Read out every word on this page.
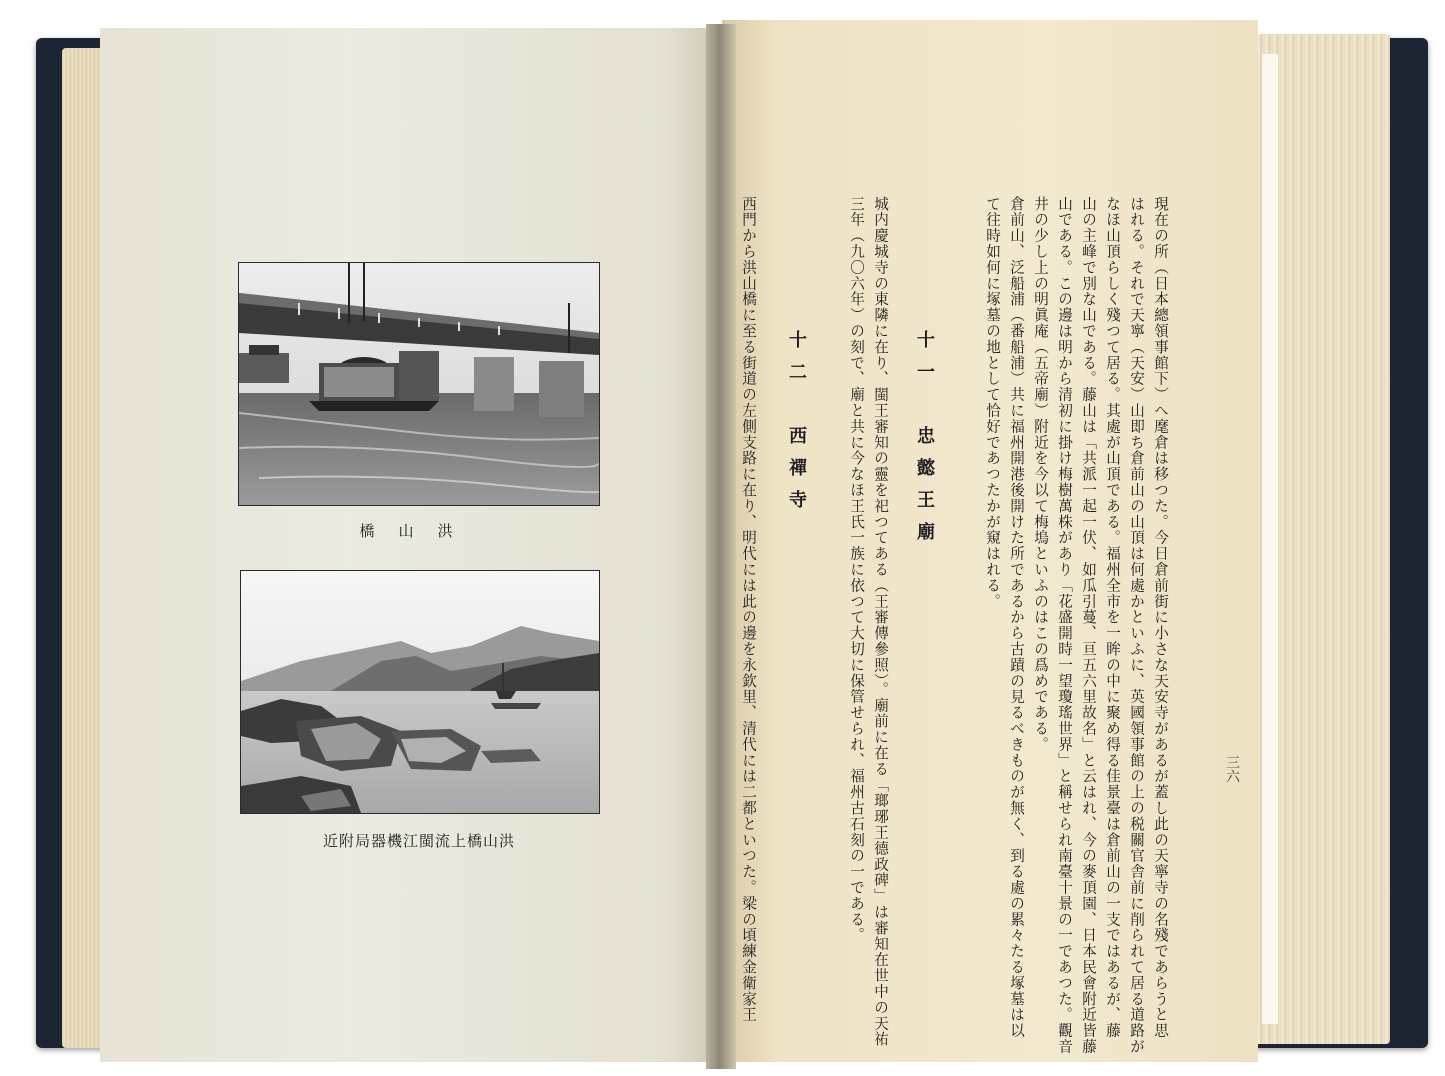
橋山洪
近附局器機江閩流上橋山洪
三六
現在の所（日本總領事館下）へ麾倉は移つた。今日倉前街に小さな天安寺があるが蓋し此の天寧寺の名殘であらうと思
はれる。それで天寧（天安）山即ち倉前山の山頂は何處かといふに、英國領事館の上の税關官舎前に削られて居る道路が
なほ山頂らしく殘つて居る。其處が山頂である。福州全市を一眸の中に聚め得る佳景臺は倉前山の一支ではあるが、藤
山の主峰で別な山である。藤山は「共派一起一伏、如瓜引蔓、亘五六里故名」と云はれ、今の麥頂園、日本民會附近皆藤
山である。この邊は明から清初に掛け梅樹萬株があり「花盛開時一望瓊瑤世界」と稱せられ南臺十景の一であつた。觀音
井の少し上の明眞庵（五帝廟）附近を今以て梅塢といふのはこの爲めである。
倉前山、泛船浦（番船浦）共に福州開港後開けた所であるから古蹟の見るべきものが無く、到る處の累々たる塚墓は以
て往時如何に塚墓の地として恰好であつたかが窺はれる。
十一　忠懿王廟
城内慶城寺の東隣に在り、閩王審知の靈を祀つてある（王審傳參照）。廟前に在る「瑯琊王德政碑」は審知在世中の天祐
三年（九〇六年）の刻で、廟と共に今なほ王氏一族に依つて大切に保管せられ、福州古石刻の一である。
十二　西禪寺
西門から洪山橋に至る街道の左側支路に在り、明代には此の邊を永欽里、清代には二都といつた。梁の頃練金衛家王
